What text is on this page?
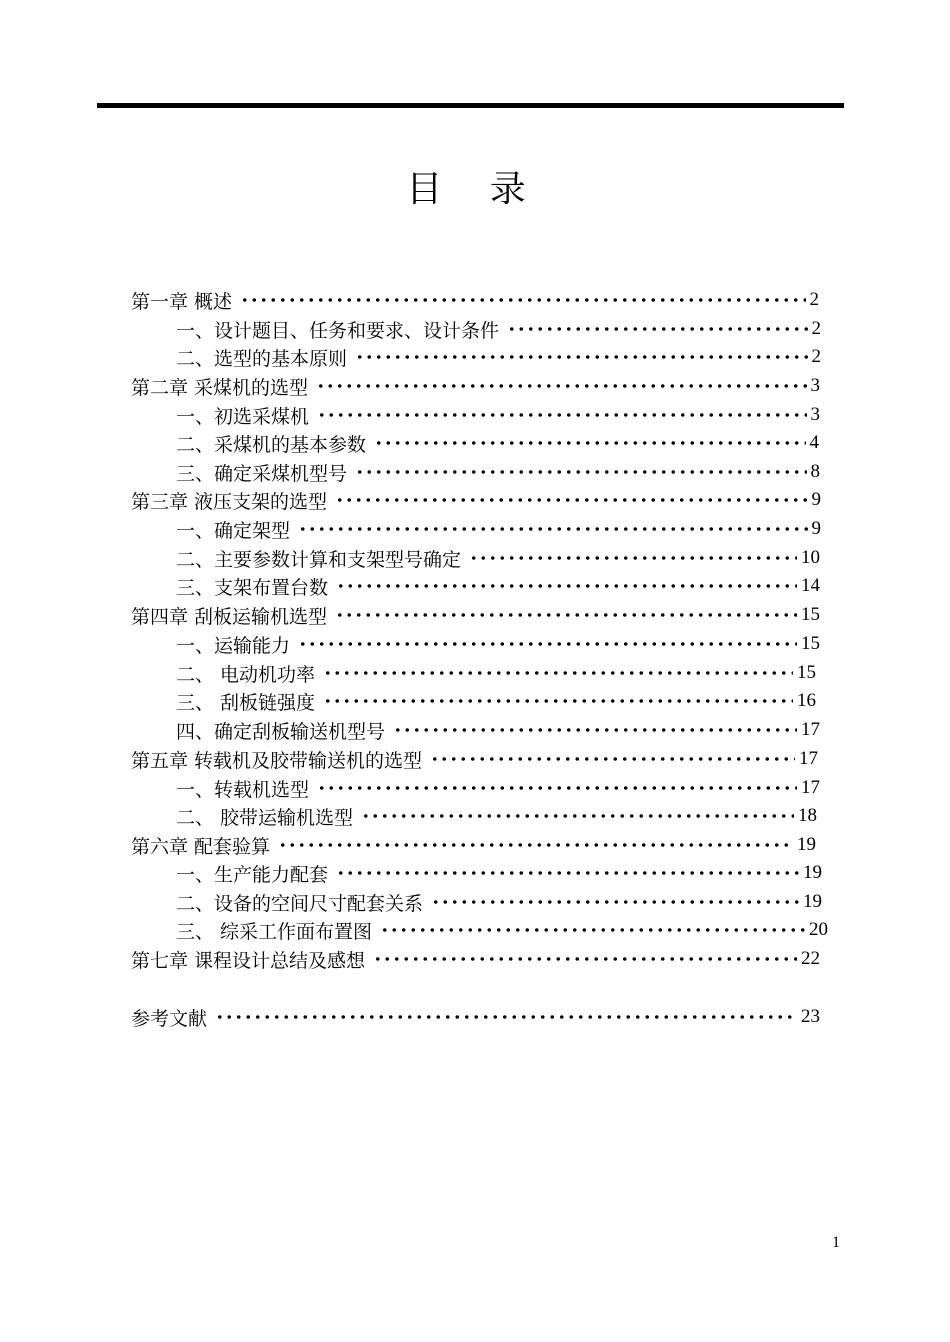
目 录
第一章 概述	2
一、设计题目、任务和要求、设计条件	2
二、选型的基本原则	2
第二章 采煤机的选型	3
一、初选采煤机	3
二、采煤机的基本参数	4
三、确定采煤机型号	8
第三章 液压支架的选型	9
一、确定架型	9
二、主要参数计算和支架型号确定	10
三、支架布置台数	14
第四章 刮板运输机选型	15
一、运输能力	15
二、 电动机功率	15
三、 刮板链强度	16
四、确定刮板输送机型号	17
第五章 转载机及胶带输送机的选型	17
一、转载机选型	17
二、 胶带运输机选型	18
第六章 配套验算	19
一、生产能力配套	19
二、设备的空间尺寸配套关系	19
三、 综采工作面布置图	20
第七章 课程设计总结及感想	22
参考文献	23
1
